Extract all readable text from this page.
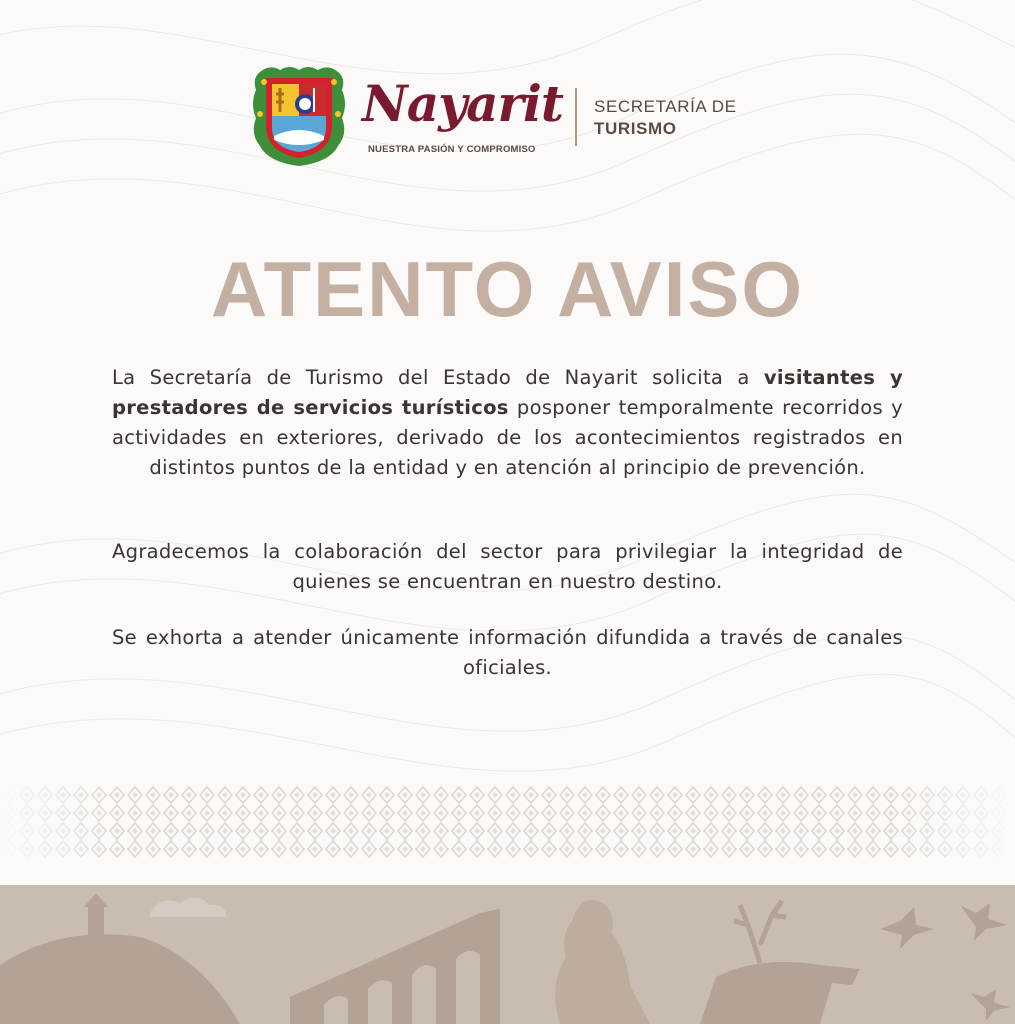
Nayarit
NUESTRA PASIÓN Y COMPROMISO
SECRETARÍA DE
TURISMO
ATENTO AVISO
La Secretaría de Turismo del Estado de Nayarit solicita a visitantes y prestadores de servicios turísticos posponer temporalmente recorridos y actividades en exteriores, derivado de los acontecimientos registrados en distintos puntos de la entidad y en atención al principio de prevención.
Agradecemos la colaboración del sector para privilegiar la integridad de quienes se encuentran en nuestro destino.
Se exhorta a atender únicamente información difundida a través de canales oficiales.
